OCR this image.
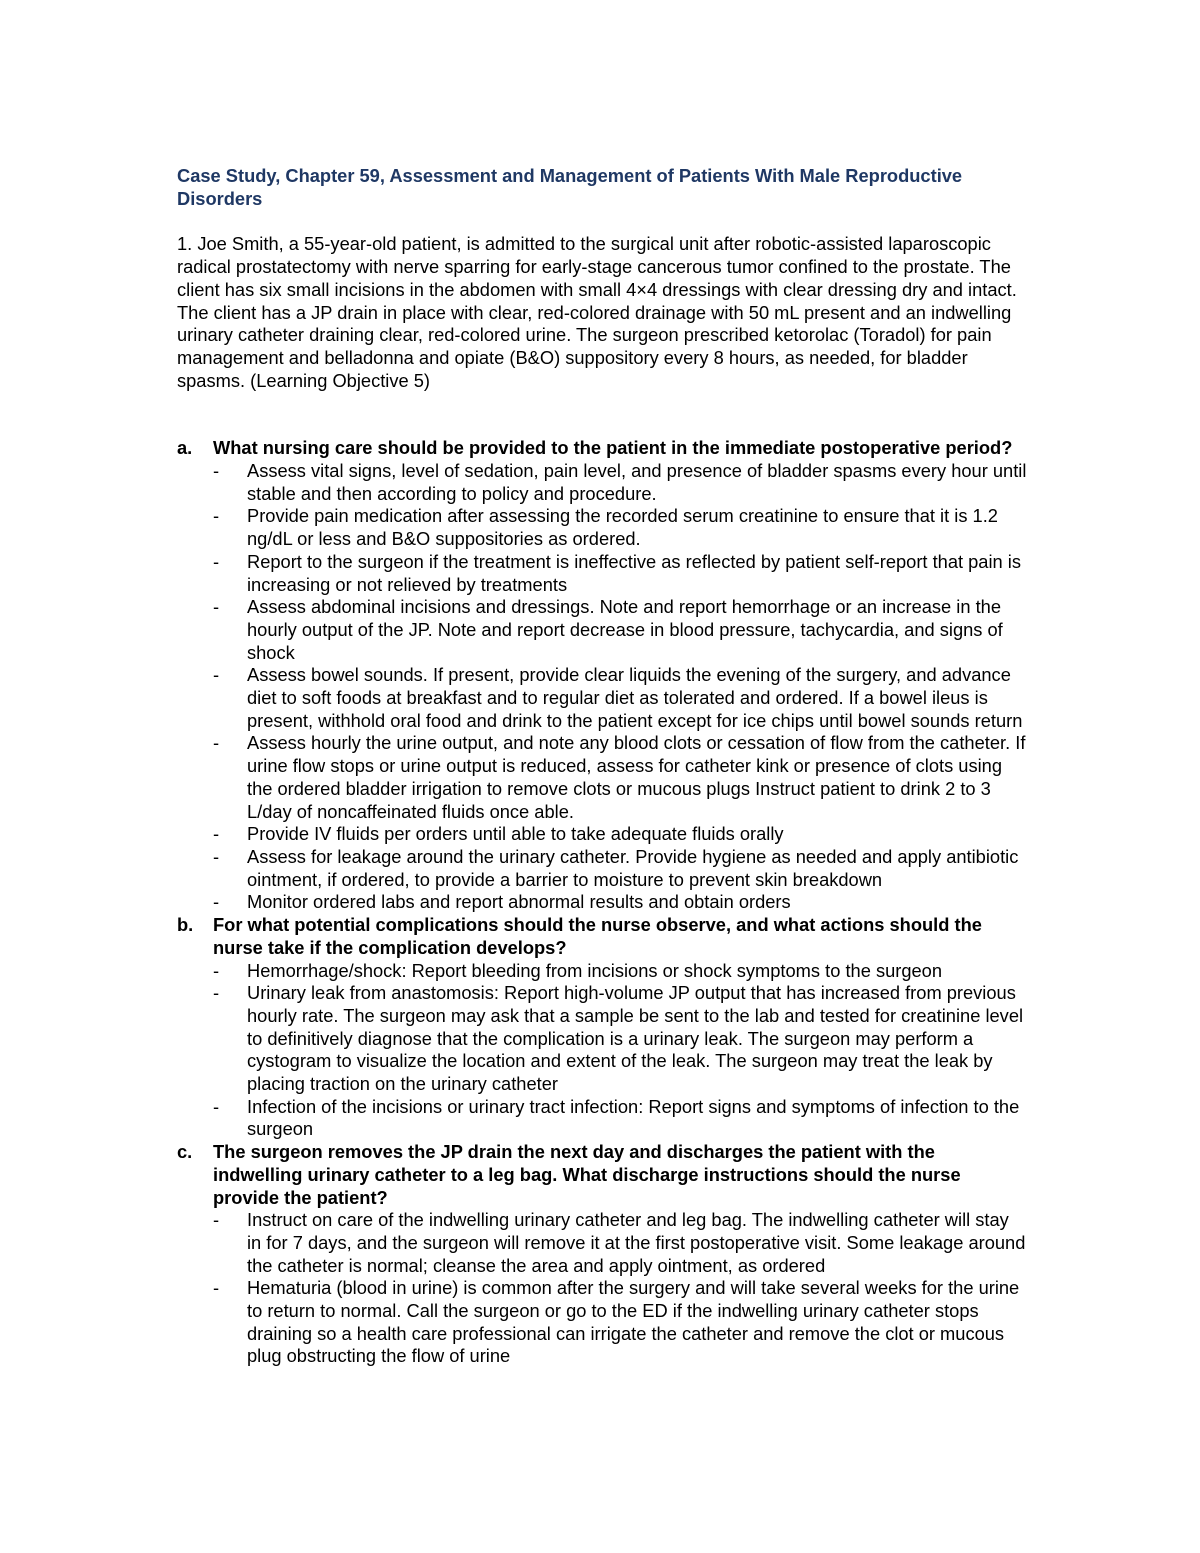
Case Study, Chapter 59, Assessment and Management of Patients With Male Reproductive Disorders

1. Joe Smith, a 55-year-old patient, is admitted to the surgical unit after robotic-assisted laparoscopic radical prostatectomy with nerve sparring for early-stage cancerous tumor confined to the prostate. The client has six small incisions in the abdomen with small 4×4 dressings with clear dressing dry and intact. The client has a JP drain in place with clear, red-colored drainage with 50 mL present and an indwelling urinary catheter draining clear, red-colored urine. The surgeon prescribed ketorolac (Toradol) for pain management and belladonna and opiate (B&O) suppository every 8 hours, as needed, for bladder spasms. (Learning Objective 5)

a. What nursing care should be provided to the patient in the immediate postoperative period?
- Assess vital signs, level of sedation, pain level, and presence of bladder spasms every hour until stable and then according to policy and procedure.
- Provide pain medication after assessing the recorded serum creatinine to ensure that it is 1.2 ng/dL or less and B&O suppositories as ordered.
- Report to the surgeon if the treatment is ineffective as reflected by patient self-report that pain is increasing or not relieved by treatments
- Assess abdominal incisions and dressings. Note and report hemorrhage or an increase in the hourly output of the JP. Note and report decrease in blood pressure, tachycardia, and signs of shock
- Assess bowel sounds. If present, provide clear liquids the evening of the surgery, and advance diet to soft foods at breakfast and to regular diet as tolerated and ordered. If a bowel ileus is present, withhold oral food and drink to the patient except for ice chips until bowel sounds return
- Assess hourly the urine output, and note any blood clots or cessation of flow from the catheter. If urine flow stops or urine output is reduced, assess for catheter kink or presence of clots using the ordered bladder irrigation to remove clots or mucous plugs Instruct patient to drink 2 to 3 L/day of noncaffeinated fluids once able.
- Provide IV fluids per orders until able to take adequate fluids orally
- Assess for leakage around the urinary catheter. Provide hygiene as needed and apply antibiotic ointment, if ordered, to provide a barrier to moisture to prevent skin breakdown
- Monitor ordered labs and report abnormal results and obtain orders
b. For what potential complications should the nurse observe, and what actions should the nurse take if the complication develops?
- Hemorrhage/shock: Report bleeding from incisions or shock symptoms to the surgeon
- Urinary leak from anastomosis: Report high-volume JP output that has increased from previous hourly rate. The surgeon may ask that a sample be sent to the lab and tested for creatinine level to definitively diagnose that the complication is a urinary leak. The surgeon may perform a cystogram to visualize the location and extent of the leak. The surgeon may treat the leak by placing traction on the urinary catheter
- Infection of the incisions or urinary tract infection: Report signs and symptoms of infection to the surgeon
c. The surgeon removes the JP drain the next day and discharges the patient with the indwelling urinary catheter to a leg bag. What discharge instructions should the nurse provide the patient?
- Instruct on care of the indwelling urinary catheter and leg bag. The indwelling catheter will stay in for 7 days, and the surgeon will remove it at the first postoperative visit. Some leakage around the catheter is normal; cleanse the area and apply ointment, as ordered
- Hematuria (blood in urine) is common after the surgery and will take several weeks for the urine to return to normal. Call the surgeon or go to the ED if the indwelling urinary catheter stops draining so a health care professional can irrigate the catheter and remove the clot or mucous plug obstructing the flow of urine
